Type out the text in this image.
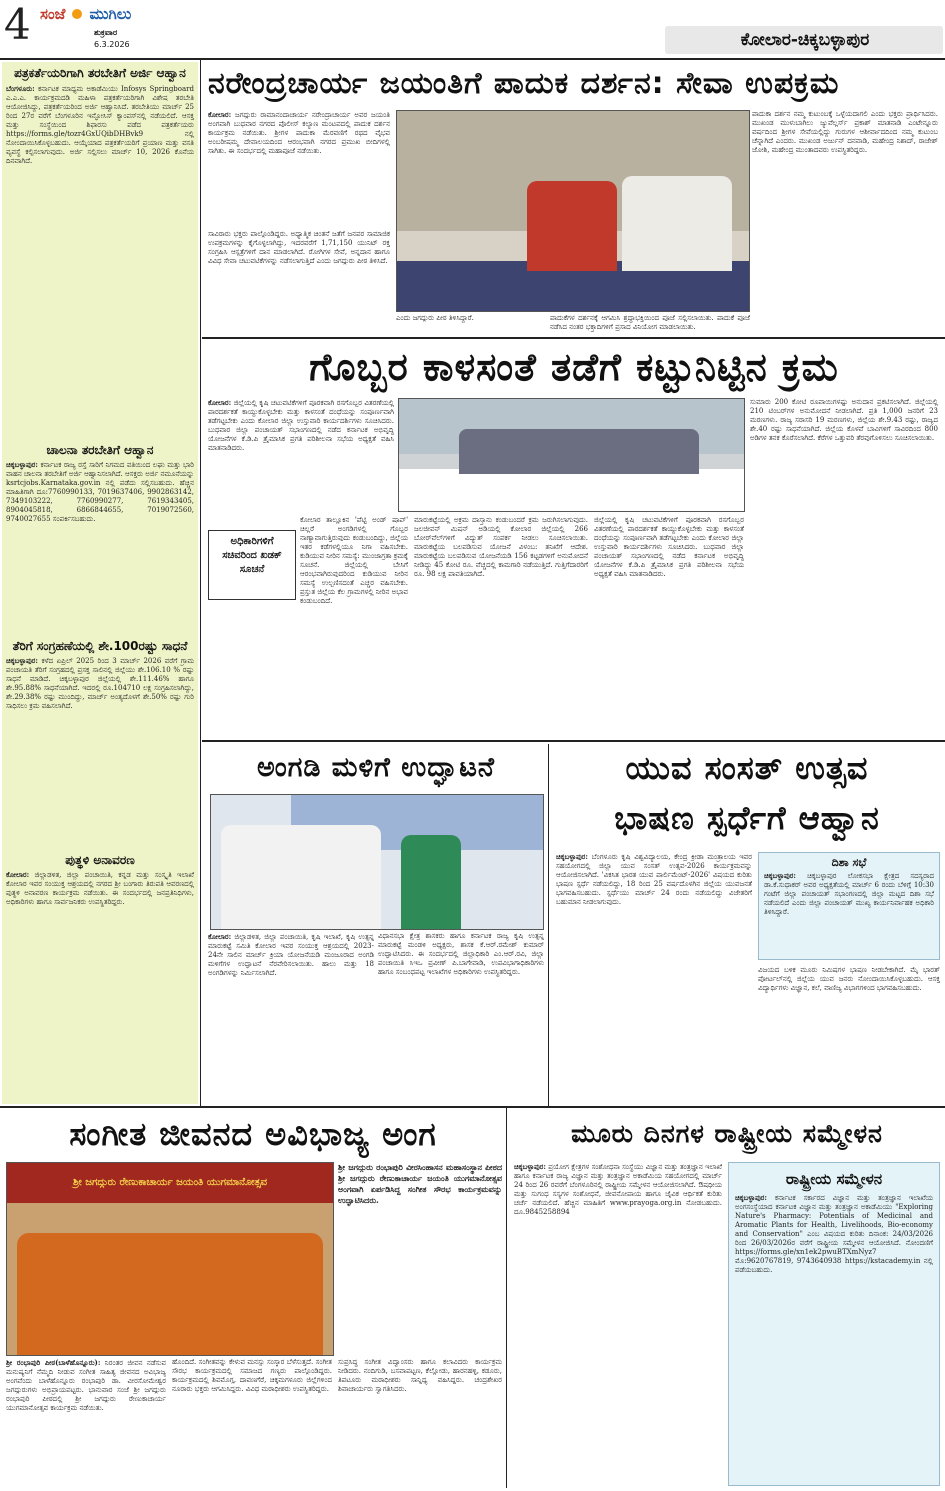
4 ಸಂಜೆ ಮುಗಿಲು
ಶುಕ್ರವಾರ
6.3.2026	ಕೋಲಾರ-ಚಿಕ್ಕಬಳ್ಳಾಪುರ
ಪತ್ರಕರ್ತೆಯರಿಗಾಗಿ ತರಬೇತಿಗೆ ಅರ್ಜಿ ಆಹ್ವಾನ
ಬೆಂಗಳೂರು: ಕರ್ನಾಟಕ ಮಾಧ್ಯಮ ಅಕಾಡೆಮಿಯು Infosys Springboard ಎ.ಎ.ಎ. ಕಾರ್ಯಕ್ರಮದಡಿ ಮಹಿಳಾ ಪತ್ರಕರ್ತೆಯರಿಗಾಗಿ ವಿಶೇಷ ತರಬೇತಿ ಆಯೋಜಿಸಿದ್ದು, ಪತ್ರಕರ್ತೆಯರಿಂದ ಅರ್ಜಿ ಆಹ್ವಾನಿಸಿದೆ. ತರಬೇತಿಯು ಮಾರ್ಚ್ 25 ರಿಂದ 27ರ ವರೆಗೆ ಬೆಂಗಳೂರಿನ ಇನ್ಫೋಸಿಸ್ ಕ್ಯಾಂಪಸ್‌ನಲ್ಲಿ ನಡೆಯಲಿದೆ. ಆಸಕ್ತ ಮತ್ತು ಸಂಸ್ಥೆಯಿಂದ ಶಿಫಾರಸು ಪಡೆದ ಪತ್ರಕರ್ತೆಯರು https://forms.gle/tozr4GxUQibDHBvk9 ನಲ್ಲಿ ನೋಂದಾಯಿಸಿಕೊಳ್ಳಬಹುದು. ಆಯ್ಕೆಯಾದ ಪತ್ರಕರ್ತೆಯರಿಗೆ ಪ್ರಯಾಣ ಮತ್ತು ವಸತಿ ವ್ಯವಸ್ಥೆ ಕಲ್ಪಿಸಲಾಗುವುದು. ಅರ್ಜಿ ಸಲ್ಲಿಸಲು ಮಾರ್ಚ್ 10, 2026 ಕೊನೆಯ ದಿನವಾಗಿದೆ.
ಚಾಲನಾ ತರಬೇತಿಗೆ ಆಹ್ವಾನ
ಚಿಕ್ಕಬಳ್ಳಾಪುರ: ಕರ್ನಾಟಕ ರಾಜ್ಯ ರಸ್ತೆ ಸಾರಿಗೆ ನಿಗಮದ ವತಿಯಿಂದ ಲಘು ಮತ್ತು ಭಾರಿ ವಾಹನ ಚಾಲನಾ ತರಬೇತಿಗೆ ಅರ್ಜಿ ಆಹ್ವಾನಿಸಲಾಗಿದೆ. ಆಸಕ್ತರು ಅರ್ಜಿ ನಮೂನೆಯನ್ನು ksrtcjobs.Karnataka.gov.in ನಲ್ಲಿ ಪಡೆದು ಸಲ್ಲಿಸಬಹುದು. ಹೆಚ್ಚಿನ ಮಾಹಿತಿಗಾಗಿ ದೂ:7760990133, 7019637406, 9902863142, 7349103222, 7760990277, 7619343405, 8904045818, 6866844655, 7019072560, 9740027655 ಸಂಪರ್ಕಿಸಬಹುದು.
ತೆರಿಗೆ ಸಂಗ್ರಹಣೆಯಲ್ಲಿ ಶೇ.100ರಷ್ಟು ಸಾಧನೆ
ಚಿಕ್ಕಬಳ್ಳಾಪುರ: ಕಳೆದ ಏಪ್ರಿಲ್ 2025 ರಿಂದ 3 ಮಾರ್ಚ್ 2026 ವರೆಗೆ ಗ್ರಾಮ ಪಂಚಾಯತಿ ತೆರಿಗೆ ಸಂಗ್ರಹದಲ್ಲಿ ಪ್ರಸಕ್ತ ಸಾಲಿನಲ್ಲಿ ಜಿಲ್ಲೆಯು ಶೇ.106.10 % ರಷ್ಟು ಸಾಧನೆ ಮಾಡಿದೆ. ಚಿಕ್ಕಬಳ್ಳಾಪುರ ಜಿಲ್ಲೆಯಲ್ಲಿ ಶೇ.111.46% ಹಾಗೂ ಶೇ.95.88% ಸಾಧನೆಯಾಗಿದೆ. ಇದರಲ್ಲಿ ರೂ.104710 ಲಕ್ಷ ಸಂಗ್ರಹಿಸಲಾಗಿದ್ದು, ಶೇ.29.38% ರಷ್ಟು ಮುಂದಿದ್ದು, ಮಾರ್ಚ್ ಅಂತ್ಯದೊಳಗೆ ಶೇ.50% ರಷ್ಟು ಗುರಿ ಸಾಧಿಸಲು ಕ್ರಮ ವಹಿಸಲಾಗಿದೆ.
ಪುತ್ಥಳಿ ಅನಾವರಣ
ಕೋಲಾರ: ಜಿಲ್ಲಾಡಳಿತ, ಜಿಲ್ಲಾ ಪಂಚಾಯಿತಿ, ಕನ್ನಡ ಮತ್ತು ಸಂಸ್ಕೃತಿ ಇಲಾಖೆ ಕೋಲಾರ ಇವರ ಸಂಯುಕ್ತ ಆಶ್ರಯದಲ್ಲಿ ನಗರದ ಶ್ರೀ ಬಂಗಾರು ತಿರುಪತಿ ಆವರಣದಲ್ಲಿ ಪುತ್ಥಳಿ ಅನಾವರಣ ಕಾರ್ಯಕ್ರಮ ನಡೆಯಿತು. ಈ ಸಂದರ್ಭದಲ್ಲಿ ಜನಪ್ರತಿನಿಧಿಗಳು, ಅಧಿಕಾರಿಗಳು ಹಾಗೂ ಸಾರ್ವಜನಿಕರು ಉಪಸ್ಥಿತರಿದ್ದರು.
ನರೇಂದ್ರಚಾರ್ಯ ಜಯಂತಿಗೆ ಪಾದುಕ ದರ್ಶನ: ಸೇವಾ ಉಪಕ್ರಮ
ಕೋಲಾರ: ಜಗದ್ಗುರು ರಾಮಾನಂದಾಚಾರ್ಯ ನರೇಂದ್ರಾಚಾರ್ಯ ಅವರ ಜಯಂತಿ ಅಂಗವಾಗಿ ಬುಧವಾರ ನಗರದ ಪೊಲೀಸ್ ಕಲ್ಯಾಣ ಮಂಟಪದಲ್ಲಿ ಪಾದುಕ ದರ್ಶನ ಕಾರ್ಯಕ್ರಮ ನಡೆಯಿತು. ಶ್ರೀಗಳ ಪಾದುಕಾ ಮೆರವಣಿಗೆ ರಥದ ವೈಭವ ಅಂಬರೀಷಮ್ಮ ದೇವಾಲಯದಿಂದ ಆರಂಭವಾಗಿ ನಗರದ ಪ್ರಮುಖ ಬೀದಿಗಳಲ್ಲಿ ಸಾಗಿತು. ಈ ಸಂದರ್ಭದಲ್ಲಿ ಮಹಾಪೂಜೆ ನಡೆಯಿತು.
ಸಾವಿರಾರು ಭಕ್ತರು ಪಾಲ್ಗೊಂಡಿದ್ದರು. ಅಧ್ಯಾತ್ಮಿಕ ಚಿಂತನೆ ಜತೆಗೆ ಜನಪರ ಸಾಮಾಜಿಕ ಉಪಕ್ರಮಗಳನ್ನು ಕೈಗೊಳ್ಳಲಾಗಿದ್ದು, ಇದರವರೆಗೆ 1,71,150 ಯುನಿಟ್ ರಕ್ತ ಸಂಗ್ರಹಿಸಿ ಆಸ್ಪತ್ರೆಗಳಿಗೆ ದಾನ ಮಾಡಲಾಗಿದೆ. ರೋಗಿಗಳ ಸೇವೆ, ಅನ್ನದಾನ ಹಾಗೂ ವಿವಿಧ ಸೇವಾ ಚಟುವಟಿಕೆಗಳನ್ನು ನಡೆಸಲಾಗುತ್ತಿದೆ ಎಂದು ಜಗದ್ಗುರು ಪೀಠ ತಿಳಿಸಿದೆ.
ಎಂದು ಜಗದ್ಗುರು ಪೀಠ ತಿಳಿಸಿದ್ದಾರೆ.	ಪಾದುಕೆಗಳ ದರ್ಶನಕ್ಕೆ ಆಗಮಿಸಿ ಶ್ರದ್ಧಾಭಕ್ತಿಯಿಂದ ಪೂಜೆ ಸಲ್ಲಿಸಲಾಯಿತು. ಪಾದುಕೆ ಪೂಜೆ ನಡೆಸಿದ ನಂತರ ಭಕ್ತಾದಿಗಳಿಗೆ ಪ್ರಸಾದ ವಿನಿಯೋಗ ಮಾಡಲಾಯಿತು.
ಪಾದುಕಾ ದರ್ಶನ ನಮ್ಮ ಕುಟುಂಬಕ್ಕೆ ಒಳ್ಳೆಯದಾಗಲಿ ಎಂದು ಭಕ್ತರು ಪ್ರಾರ್ಥಿಸಿದರು. ಮುಖಂಡ ಮುಳುಬಾಗಿಲು ಜ್ಯುವೆಲ್ಲರ್ಸ್ ಪ್ರಕಾಶ್ ಮಾತನಾಡಿ ಎಂಟೇನ್ನೂರು ವರ್ಷದಿಂದ ಶ್ರೀಗಳ ಸೇವೆಯಲ್ಲಿದ್ದು ಗುರುಗಳ ಆಶೀರ್ವಾದದಿಂದ ನಮ್ಮ ಕುಟುಂಬ ಚೆನ್ನಾಗಿದೆ ಎಂದರು. ಮುಖಂಡ ಅರ್ಜುನ್ ದನವಾಡಿ, ಮಹೇಂದ್ರ ನಿಶಾದ್, ರಾಜೇಶ್ ಜೋಶಿ, ಮಹೇಂದ್ರ ಮುಂತಾದವರು ಉಪಸ್ಥಿತರಿದ್ದರು.
ಗೊಬ್ಬರ ಕಾಳಸಂತೆ ತಡೆಗೆ ಕಟ್ಟುನಿಟ್ಟಿನ ಕ್ರಮ
ಕೋಲಾರ: ಜಿಲ್ಲೆಯಲ್ಲಿ ಕೃಷಿ ಚಟುವಟಿಕೆಗಳಿಗೆ ಪೂರಕವಾಗಿ ರಸಗೊಬ್ಬರ ವಿತರಣೆಯಲ್ಲಿ ಪಾರದರ್ಶಕತೆ ಕಾಯ್ದುಕೊಳ್ಳಬೇಕು ಮತ್ತು ಕಾಳಸಂತೆ ದಂಧೆಯನ್ನು ಸಂಪೂರ್ಣವಾಗಿ ತಡೆಗಟ್ಟಬೇಕು ಎಂದು ಕೋಲಾರ ಜಿಲ್ಲಾ ಉಸ್ತುವಾರಿ ಕಾರ್ಯದರ್ಶಿಗಳು ಸೂಚಿಸಿದರು. ಬುಧವಾರ ಜಿಲ್ಲಾ ಪಂಚಾಯತ್ ಸಭಾಂಗಣದಲ್ಲಿ ನಡೆದ ಕರ್ನಾಟಕ ಅಭಿವೃದ್ಧಿ ಯೋಜನೆಗಳ ಕೆ.ಡಿ.ಪಿ ತ್ರೈಮಾಸಿಕ ಪ್ರಗತಿ ಪರಿಶೀಲನಾ ಸಭೆಯ ಅಧ್ಯಕ್ಷತೆ ವಹಿಸಿ ಮಾತನಾಡಿದರು.
ಅಧಿಕಾರಿಗಳಿಗೆ ಸಚಿವರಿಂದ ಖಡಕ್ ಸೂಚನೆ
ಕೋಲಾರ ತಾಲ್ಲೂಕಿನ 'ಪೆಟ್ಟಿ ಅಂಡ್ ಷಾಪ್' ಚಿಲ್ಲರೆ ಅಂಗಡಿಗಳಲ್ಲಿ ಗೊಬ್ಬರ ನಾಣ್ಯಾವಾಗುತ್ತಿರುವುದು ಕಂಡುಬಂದಿದ್ದು, ಜಿಲ್ಲೆಯ ಇತರ ಕಡೆಗಳಲ್ಲಿಯೂ ನಿಗಾ ವಹಿಸಬೇಕು. ಕುಡಿಯುವ ನೀರಿನ ಸಮಸ್ಯೆ: ಮುಂಜಾಗ್ರತಾ ಕ್ರಮಕ್ಕೆ ಸೂಚನೆ. ಜಿಲ್ಲೆಯಲ್ಲಿ ಬೇಸಿಗೆ ಆರಂಭವಾಗಿರುವುದರಿಂದ ಕುಡಿಯುವ ನೀರಿನ ಸಮಸ್ಯೆ ಉಲ್ಬಣಿಸದಂತೆ ಎಚ್ಚರ ವಹಿಸಬೇಕು. ಪ್ರಸ್ತುತ ಜಿಲ್ಲೆಯ ಕೆಲ ಗ್ರಾಮಗಳಲ್ಲಿ ನೀರಿನ ಅಭಾವ ಕಂಡುಬಂದಿದೆ.
ಮಾರುಕಟ್ಟೆಯಲ್ಲಿ ಅಕ್ರಮ ದಾಸ್ತಾನು ಕಂಡುಬಂದರೆ ಕ್ರಮ ಜರುಗಿಸಲಾಗುವುದು. ಜಲಜೀವನ್ ಮಿಷನ್ ಅಡಿಯಲ್ಲಿ ಕೋಲಾರ ಜಿಲ್ಲೆಯಲ್ಲಿ 266 ಬೋರ್‌ವೆಲ್‌ಗಳಿಗೆ ವಿದ್ಯುತ್ ಸಂಪರ್ಕ ನೀಡಲು ಸೂಚಿಸಲಾಯಿತು. ಮಾರುಕಟ್ಟೆಯ ಬಲಪಡಿಸುವ ಯೋಜನೆ ವಿಳಂಬ: ತನಿಖೆಗೆ ಆದೇಶ. ಮಾರುಕಟ್ಟೆಯ ಬಲಪಡಿಸುವ ಯೋಜನೆಯಡಿ 156 ಕಟ್ಟಡಗಳಿಗೆ ಅನುಮೋದನೆ ನೀಡಿದ್ದು 45 ಕೋಟಿ ರೂ. ವೆಚ್ಚದಲ್ಲಿ ಕಾಮಗಾರಿ ನಡೆಯುತ್ತಿದೆ. ಗುತ್ತಿಗೆದಾರರಿಗೆ ರೂ. 98 ಲಕ್ಷ ಪಾವತಿಯಾಗಿದೆ.
ಸುಮಾರು 200 ಕೋಟಿ ರೂಪಾಯಿಗಳಷ್ಟು ಅನುದಾನ ಪ್ರಕಟಿಸಲಾಗಿದೆ. ಜಿಲ್ಲೆಯಲ್ಲಿ 210 ಟಿಂಬರ್‌ಗಳ ಅನುಮೋದನೆ ನೀಡಲಾಗಿದೆ. ಪ್ರತಿ 1,000 ಜನರಿಗೆ 23 ಮರಣಗಳು. ರಾಜ್ಯ ಸರಾಸರಿ 19 ಮರಣಗಳು, ಜಿಲ್ಲೆಯ ಶೇ.9.43 ರಷ್ಟು, ರಾಜ್ಯದ ಶೇ.40 ರಷ್ಟು ಸಾಧನೆಯಾಗಿದೆ. ಜಿಲ್ಲೆಯ ಕೊಳವೆ ಬಾವಿಗಳಿಗೆ ಸಾವಿರದಿಂದ 800 ಅಡಿಗಳ ತನಕ ಕೊರೆಸಲಾಗಿದೆ. ಕೆರೆಗಳ ಒತ್ತುವರಿ ತೆರವುಗೊಳಿಸಲು ಸೂಚಿಸಲಾಯಿತು.
ಜಿಲ್ಲೆಯಲ್ಲಿ ಕೃಷಿ ಚಟುವಟಿಕೆಗಳಿಗೆ ಪೂರಕವಾಗಿ ರಸಗೊಬ್ಬರ ವಿತರಣೆಯಲ್ಲಿ ಪಾರದರ್ಶಕತೆ ಕಾಯ್ದುಕೊಳ್ಳಬೇಕು ಮತ್ತು ಕಾಳಸಂತೆ ದಂಧೆಯನ್ನು ಸಂಪೂರ್ಣವಾಗಿ ತಡೆಗಟ್ಟಬೇಕು ಎಂದು ಕೋಲಾರ ಜಿಲ್ಲಾ ಉಸ್ತುವಾರಿ ಕಾರ್ಯದರ್ಶಿಗಳು ಸೂಚಿಸಿದರು. ಬುಧವಾರ ಜಿಲ್ಲಾ ಪಂಚಾಯತ್ ಸಭಾಂಗಣದಲ್ಲಿ ನಡೆದ ಕರ್ನಾಟಕ ಅಭಿವೃದ್ಧಿ ಯೋಜನೆಗಳ ಕೆ.ಡಿ.ಪಿ ತ್ರೈಮಾಸಿಕ ಪ್ರಗತಿ ಪರಿಶೀಲನಾ ಸಭೆಯ ಅಧ್ಯಕ್ಷತೆ ವಹಿಸಿ ಮಾತನಾಡಿದರು.
ಅಂಗಡಿ ಮಳಿಗೆ ಉದ್ಘಾಟನೆ
ಕೋಲಾರ: ಜಿಲ್ಲಾಡಳಿತ, ಜಿಲ್ಲಾ ಪಂಚಾಯಿತಿ, ಕೃಷಿ ಇಲಾಖೆ, ಕೃಷಿ ಉತ್ಪನ್ನ ಮಾರುಕಟ್ಟೆ ಸಮಿತಿ ಕೋಲಾರ ಇವರ ಸಂಯುಕ್ತ ಆಶ್ರಯದಲ್ಲಿ 2023-24ನೇ ಸಾಲಿನ ಮಾರ್ಚ್ ಕ್ರಿಯಾ ಯೋಜನೆಯಡಿ ಮಂಜೂರಾದ ಅಂಗಡಿ ಮಳಿಗೆಗಳ ಉದ್ಘಾಟನೆ ನೆರವೇರಿಸಲಾಯಿತು. ಹಾಲು ಮತ್ತು 18 ಅಂಗಡಿಗಳನ್ನು ನಿರ್ಮಿಸಲಾಗಿದೆ.
ವಿಧಾನಸಭಾ ಕ್ಷೇತ್ರ ಶಾಸಕರು ಹಾಗೂ ಕರ್ನಾಟಕ ರಾಜ್ಯ ಕೃಷಿ ಉತ್ಪನ್ನ ಮಾರುಕಟ್ಟೆ ಮಂಡಳಿ ಅಧ್ಯಕ್ಷರು, ಶಾಸಕ ಕೆ.ಆರ್.ರಮೇಶ್ ಕುಮಾರ್ ಉದ್ಘಾಟಿಸಿದರು. ಈ ಸಂದರ್ಭದಲ್ಲಿ ಜಿಲ್ಲಾಧಿಕಾರಿ ಎಂ.ಆರ್.ರವಿ, ಜಿಲ್ಲಾ ಪಂಚಾಯಿತಿ ಸಿಇಒ ಪ್ರವೀಣ್ ಪಿ.ಬಾಗೇವಾಡಿ, ಉಪವಿಭಾಗಾಧಿಕಾರಿಗಳು ಹಾಗೂ ಸಂಬಂಧಪಟ್ಟ ಇಲಾಖೆಗಳ ಅಧಿಕಾರಿಗಳು ಉಪಸ್ಥಿತರಿದ್ದರು.
ಯುವ ಸಂಸತ್ ಉತ್ಸವ
ಭಾಷಣ ಸ್ಪರ್ಧೆಗೆ ಆಹ್ವಾನ
ಚಿಕ್ಕಬಳ್ಳಾಪುರ: ಬೆಂಗಳೂರು ಕೃಷಿ ವಿಶ್ವವಿದ್ಯಾಲಯ, ಕೇಂದ್ರ ಕ್ರೀಡಾ ಮಂತ್ರಾಲಯ ಇವರ ಸಹಯೋಗದಲ್ಲಿ ಜಿಲ್ಲಾ ಯುವ ಸಂಸತ್ ಉತ್ಸವ-2026 ಕಾರ್ಯಕ್ರಮವನ್ನು ಆಯೋಜಿಸಲಾಗಿದೆ. 'ವಿಕಸಿತ ಭಾರತ ಯುವ ಪಾರ್ಲಿಮೆಂಟ್-2026' ವಿಷಯದ ಕುರಿತು ಭಾಷಣ ಸ್ಪರ್ಧೆ ನಡೆಯಲಿದ್ದು, 18 ರಿಂದ 25 ವರ್ಷದೊಳಗಿನ ಜಿಲ್ಲೆಯ ಯುವಜನತೆ ಭಾಗವಹಿಸಬಹುದು. ಸ್ಪರ್ಧೆಯು ಮಾರ್ಚ್ 24 ರಂದು ನಡೆಯಲಿದ್ದು ವಿಜೇತರಿಗೆ ಬಹುಮಾನ ನೀಡಲಾಗುವುದು.
ದಿಶಾ ಸಭೆ
ಚಿಕ್ಕಬಳ್ಳಾಪುರ: ಚಿಕ್ಕಬಳ್ಳಾಪುರ ಲೋಕಸಭಾ ಕ್ಷೇತ್ರದ ಸದಸ್ಯರಾದ ಡಾ.ಕೆ.ಸುಧಾಕರ್ ಅವರ ಅಧ್ಯಕ್ಷತೆಯಲ್ಲಿ ಮಾರ್ಚ್ 6 ರಂದು ಬೆಳಿಗ್ಗೆ 10:30 ಗಂಟೆಗೆ ಜಿಲ್ಲಾ ಪಂಚಾಯತ್ ಸಭಾಂಗಣದಲ್ಲಿ ಜಿಲ್ಲಾ ಮಟ್ಟದ ದಿಶಾ ಸಭೆ ನಡೆಯಲಿದೆ ಎಂದು ಜಿಲ್ಲಾ ಪಂಚಾಯತ್ ಮುಖ್ಯ ಕಾರ್ಯನಿರ್ವಾಹಕ ಅಧಿಕಾರಿ ತಿಳಿಸಿದ್ದಾರೆ.
ವಿಜಯದ ಬಳಿಕ ಮೂರು ನಿಮಿಷಗಳ ಭಾಷಣ ನೀಡಬೇಕಾಗಿದೆ. ಮೈ ಭಾರತ್ ಪೋರ್ಟಲ್‌ನಲ್ಲಿ ಜಿಲ್ಲೆಯ ಯುವ ಜನರು ನೋಂದಾಯಿಸಿಕೊಳ್ಳಬಹುದು. ಆಸಕ್ತ ವಿದ್ಯಾರ್ಥಿಗಳು ವಿಜ್ಞಾನ, ಕಲೆ, ವಾಣಿಜ್ಯ ವಿಭಾಗಗಳಿಂದ ಭಾಗವಹಿಸಬಹುದು.
ಸಂಗೀತ ಜೀವನದ ಅವಿಭಾಜ್ಯ ಅಂಗ
ಶ್ರೀ ಜಗದ್ಗುರು ರೇಣುಕಾಚಾರ್ಯ ಜಯಂತಿ ಯುಗಮಾನೋತ್ಸವ
ಶ್ರೀ ಜಗದ್ಗುರು ರಂಭಾಪುರಿ ವೀರಸಿಂಹಾಸನ ಮಹಾಸಂಸ್ಥಾನ ಪೀಠದ ಶ್ರೀ ಜಗದ್ಗುರು ರೇಣುಕಾಚಾರ್ಯ ಜಯಂತಿ ಯುಗಮಾನೋತ್ಸವ ಅಂಗವಾಗಿ ಏರ್ಪಡಿಸಿದ್ದ ಸಂಗೀತ ಸೌರಭ ಕಾರ್ಯಕ್ರಮವನ್ನು ಉದ್ಘಾಟಿಸಿದರು.
ಶ್ರೀ ರಂಭಾಪುರಿ ಪೀಠ(ಬಾಳೆಹೊನ್ನೂರು): ನಿರಂತರ ಜೀವನ ನಡೆಸುವ ಮನುಷ್ಯನಿಗೆ ನೆಮ್ಮದಿ ನೀಡುವ ಸಂಗೀತ ಸಾಹಿತ್ಯ ಜೀವನದ ಅವಿಭಾಜ್ಯ ಅಂಗವೆಂದು ಬಾಳೆಹೊನ್ನೂರು ರಂಭಾಪುರಿ ಡಾ. ವೀರಸೋಮೇಶ್ವರ ಜಗದ್ಗುರುಗಳು ಅಭಿಪ್ರಾಯಪಟ್ಟರು. ಭಾನುವಾರ ಸಂಜೆ ಶ್ರೀ ಜಗದ್ಗುರು ರಂಭಾಪುರಿ ಪೀಠದಲ್ಲಿ ಶ್ರೀ ಜಗದ್ಗುರು ರೇಣುಕಾಚಾರ್ಯ ಯುಗಮಾನೋತ್ಸವ ಕಾರ್ಯಕ್ರಮ ನಡೆಯಿತು.
ಹೊಂದಿದೆ. ಸಂಗೀತವನ್ನು ಕೇಳುವ ಮನಸ್ಸು ಸಂಸ್ಕಾರ ಬೆಳೆಸುತ್ತದೆ. ಸಂಗೀತ ಸೌರಭ ಕಾರ್ಯಕ್ರಮದಲ್ಲಿ ಸಮಾಜದ ಗಣ್ಯರು ಪಾಲ್ಗೊಂಡಿದ್ದರು. ಕಾರ್ಯಕ್ರಮದಲ್ಲಿ ಶಿವಮೊಗ್ಗ, ದಾವಣಗೆರೆ, ಚಿಕ್ಕಮಗಳೂರು ಜಿಲ್ಲೆಗಳಿಂದ ನೂರಾರು ಭಕ್ತರು ಆಗಮಿಸಿದ್ದರು. ವಿವಿಧ ಮಠಾಧೀಶರು ಉಪಸ್ಥಿತರಿದ್ದರು.
ಸುಪ್ರಸಿದ್ಧ ಸಂಗೀತ ವಿದ್ವಾಂಸರು ಹಾಗೂ ಕಲಾವಿದರು ಕಾರ್ಯಕ್ರಮ ನೀಡಿದರು. ನಂದಿಗುಡಿ, ಬಸವಾಪಟ್ಟಣ, ಕೆಲ್ಲೋಡು, ಹಾರನಹಳ್ಳಿ, ಕಡೂರು, ತಿಪಟೂರು ಮಠಾಧೀಶರು ಸಾನ್ನಿಧ್ಯ ವಹಿಸಿದ್ದರು. ಚಂದ್ರಶೇಖರ ಶಿವಾಚಾರ್ಯರು ಸ್ವಾಗತಿಸಿದರು.
ಮೂರು ದಿನಗಳ ರಾಷ್ಟ್ರೀಯ ಸಮ್ಮೇಳನ
ಚಿಕ್ಕಬಳ್ಳಾಪುರ: ಪ್ರಯೋಗ ಕ್ಷೇತ್ರಗಳ ಸಂಶೋಧನಾ ಸಂಸ್ಥೆಯು ವಿಜ್ಞಾನ ಮತ್ತು ತಂತ್ರಜ್ಞಾನ ಇಲಾಖೆ ಹಾಗೂ ಕರ್ನಾಟಕ ರಾಜ್ಯ ವಿಜ್ಞಾನ ಮತ್ತು ತಂತ್ರಜ್ಞಾನ ಅಕಾಡೆಮಿಯ ಸಹಯೋಗದಲ್ಲಿ ಮಾರ್ಚ್ 24 ರಿಂದ 26 ರವರೆಗೆ ಬೆಂಗಳೂರಿನಲ್ಲಿ ರಾಷ್ಟ್ರೀಯ ಸಮ್ಮೇಳನ ಆಯೋಜಿಸಲಾಗಿದೆ. ಔಷಧೀಯ ಮತ್ತು ಸುಗಂಧ ಸಸ್ಯಗಳ ಸಂಶೋಧನೆ, ಜೀವನೋಪಾಯ ಹಾಗೂ ಜೈವಿಕ ಆರ್ಥಿಕತೆ ಕುರಿತು ಚರ್ಚೆ ನಡೆಯಲಿದೆ. ಹೆಚ್ಚಿನ ಮಾಹಿತಿಗೆ www.prayoga.org.in ನೋಡಬಹುದು. ದೂ.9845258894
ರಾಷ್ಟ್ರೀಯ ಸಮ್ಮೇಳನ
ಚಿಕ್ಕಬಳ್ಳಾಪುರ: ಕರ್ನಾಟಕ ಸರ್ಕಾರದ ವಿಜ್ಞಾನ ಮತ್ತು ತಂತ್ರಜ್ಞಾನ ಇಲಾಖೆಯ ಅಂಗಸಂಸ್ಥೆಯಾದ ಕರ್ನಾಟಕ ವಿಜ್ಞಾನ ಮತ್ತು ತಂತ್ರಜ್ಞಾನ ಅಕಾಡೆಮಿಯು "Exploring Nature's Pharmacy: Potentials of Medicinal and Aromatic Plants for Health, Livelihoods, Bio-economy and Conservation" ಎಂಬ ವಿಷಯದ ಕುರಿತು ದಿನಾಂಕ: 24/03/2026 ರಿಂದ 26/03/2026ರ ವರೆಗೆ ರಾಷ್ಟ್ರೀಯ ಸಮ್ಮೇಳನ ಆಯೋಜಿಸಿದೆ. ನೋಂದಣಿಗೆ https://forms.gle/xn1ek2pwuBTXmNyz7 ಮೊ:9620767819, 9743640938 https://kstacademy.in ನಲ್ಲಿ ಪಡೆಯಬಹುದು.
